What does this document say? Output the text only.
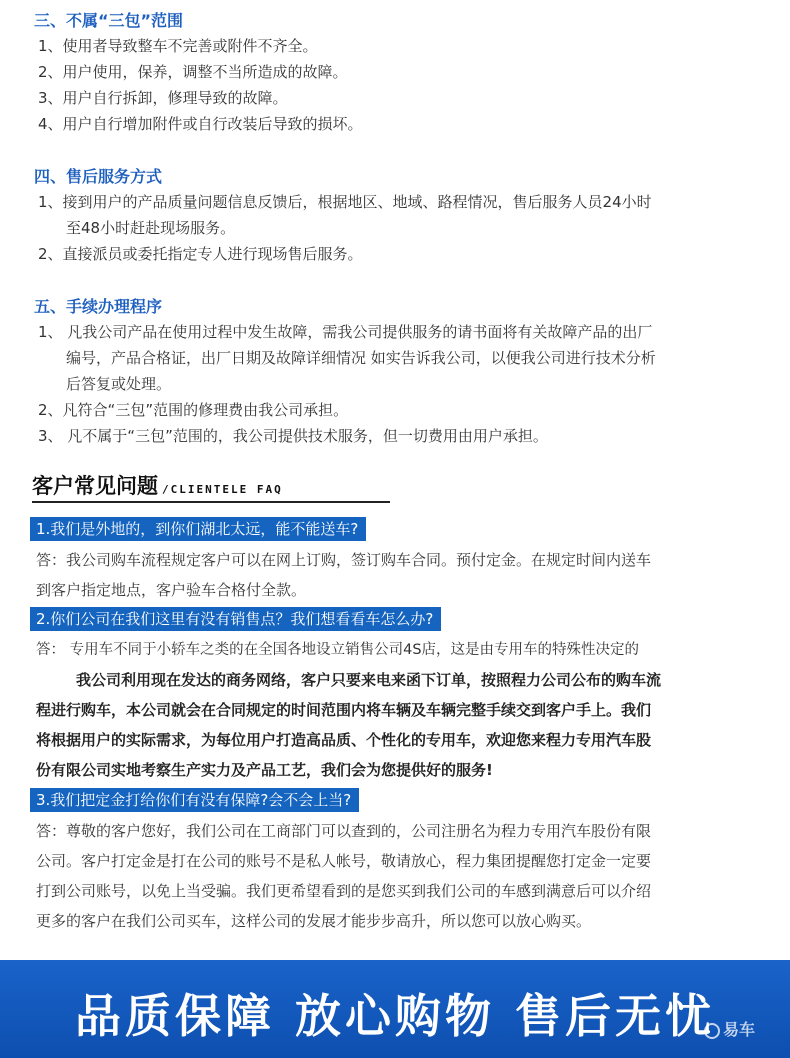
三、不属“三包”范围
1、使用者导致整车不完善或附件不齐全。
2、用户使用，保养，调整不当所造成的故障。
3、用户自行拆卸，修理导致的故障。
4、用户自行增加附件或自行改装后导致的损坏。
四、售后服务方式
1、接到用户的产品质量问题信息反馈后，根据地区、地域、路程情况，售后服务人员24小时
至48小时赶赴现场服务。
2、直接派员或委托指定专人进行现场售后服务。
五、手续办理程序
1、 凡我公司产品在使用过程中发生故障，需我公司提供服务的请书面将有关故障产品的出厂
编号，产品合格证，出厂日期及故障详细情况 如实告诉我公司，以便我公司进行技术分析
后答复或处理。
2、凡符合“三包”范围的修理费由我公司承担。
3、 凡不属于“三包”范围的，我公司提供技术服务，但一切费用由用户承担。
客户常见问题 /CLIENTELE FAQ
1.我们是外地的，到你们湖北太远，能不能送车?
答：我公司购车流程规定客户可以在网上订购，签订购车合同。预付定金。在规定时间内送车
到客户指定地点，客户验车合格付全款。
2.你们公司在我们这里有没有销售点？我们想看看车怎么办?
答： 专用车不同于小轿车之类的在全国各地设立销售公司4S店，这是由专用车的特殊性决定的
我公司利用现在发达的商务网络，客户只要来电来函下订单，按照程力公司公布的购车流
程进行购车，本公司就会在合同规定的时间范围内将车辆及车辆完整手续交到客户手上。我们
将根据用户的实际需求，为每位用户打造高品质、个性化的专用车，欢迎您来程力专用汽车股
份有限公司实地考察生产实力及产品工艺，我们会为您提供好的服务!
3.我们把定金打给你们有没有保障?会不会上当?
答：尊敬的客户您好，我们公司在工商部门可以查到的，公司注册名为程力专用汽车股份有限
公司。客户打定金是打在公司的账号不是私人帐号，敬请放心，程力集团提醒您打定金一定要
打到公司账号，以免上当受骗。我们更希望看到的是您买到我们公司的车感到满意后可以介绍
更多的客户在我们公司买车，这样公司的发展才能步步高升，所以您可以放心购买。
品质保障 放心购物 售后无忧 易车
